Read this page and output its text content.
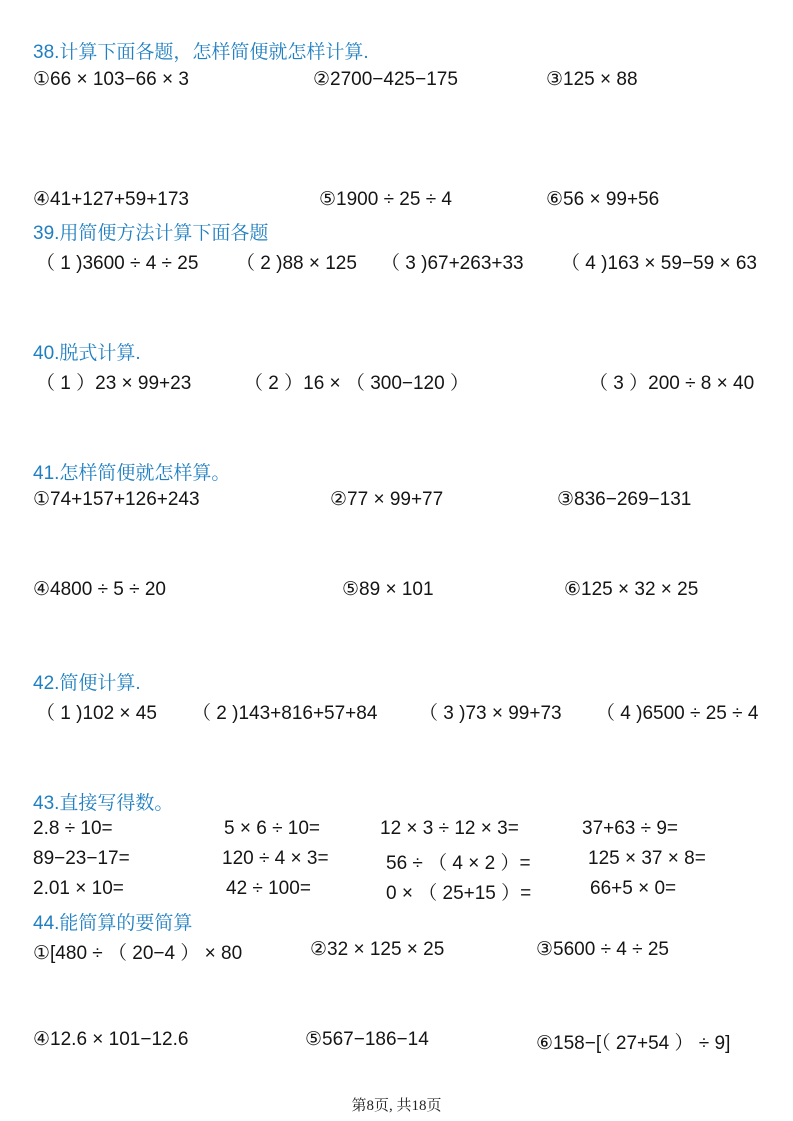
38.计算下面各题，怎样简便就怎样计算.
①66 × 103−66 × 3	②2700−425−175	③125 × 88
④41+127+59+173	⑤1900 ÷ 25 ÷ 4	⑥56 × 99+56
39.用简便方法计算下面各题
（ 1 )3600 ÷ 4 ÷ 25 （ 2 )88 × 125 （ 3 )67+263+33 （ 4 )163 × 59−59 × 63
40.脱式计算.
（ 1 ）23 × 99+23	（ 2 ）16 × （ 300−120 ）	（ 3 ）200 ÷ 8 × 40
41.怎样简便就怎样算。
①74+157+126+243	②77 × 99+77	③836−269−131
④4800 ÷ 5 ÷ 20	⑤89 × 101	⑥125 × 32 × 25
42.简便计算.
（ 1 )102 × 45 （ 2 )143+816+57+84 （ 3 )73 × 99+73 （ 4 )6500 ÷ 25 ÷ 4
43.直接写得数。
2.8 ÷ 10=	5 × 6 ÷ 10=	12 × 3 ÷ 12 × 3=	37+63 ÷ 9=
89−23−17=	120 ÷ 4 × 3=	56 ÷ （ 4 × 2 ）=	125 × 37 × 8=
2.01 × 10=	42 ÷ 100=	0 × （ 25+15 ）=	66+5 × 0=
44.能简算的要简算
①[480 ÷ （ 20−4 ） × 80	②32 × 125 × 25	③5600 ÷ 4 ÷ 25
④12.6 × 101−12.6	⑤567−186−14	⑥158−[（ 27+54 ） ÷ 9]
第8页, 共18页
